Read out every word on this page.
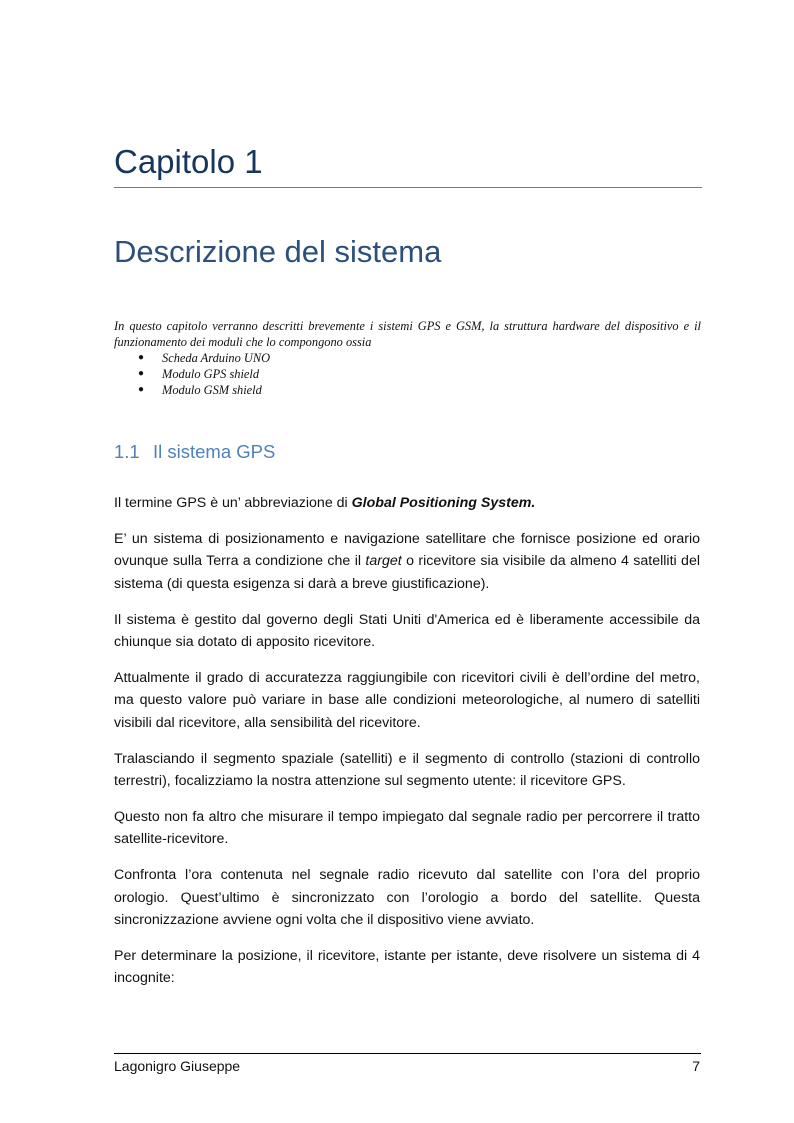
Capitolo 1
Descrizione del sistema

In questo capitolo verranno descritti brevemente i sistemi GPS e GSM, la struttura hardware del dispositivo e il funzionamento dei moduli che lo compongono ossia

● Scheda Arduino UNO
● Modulo GPS shield
● Modulo GSM shield
1.1 Il sistema GPS

Il termine GPS è un’ abbreviazione di Global Positioning System.

E’ un sistema di posizionamento e navigazione satellitare che fornisce posizione ed orario ovunque sulla Terra a condizione che il target o ricevitore sia visibile da almeno 4 satelliti del sistema (di questa esigenza si darà a breve giustificazione).

Il sistema è gestito dal governo degli Stati Uniti d'America ed è liberamente accessibile da chiunque sia dotato di apposito ricevitore.

Attualmente il grado di accuratezza raggiungibile con ricevitori civili è dell’ordine del metro, ma questo valore può variare in base alle condizioni meteorologiche, al numero di satelliti visibili dal ricevitore, alla sensibilità del ricevitore.

Tralasciando il segmento spaziale (satelliti) e il segmento di controllo (stazioni di controllo terrestri), focalizziamo la nostra attenzione sul segmento utente: il ricevitore GPS.

Questo non fa altro che misurare il tempo impiegato dal segnale radio per percorrere il tratto satellite-ricevitore.

Confronta l’ora contenuta nel segnale radio ricevuto dal satellite con l’ora del proprio orologio. Quest’ultimo è sincronizzato con l’orologio a bordo del satellite. Questa sincronizzazione avviene ogni volta che il dispositivo viene avviato.

Per determinare la posizione, il ricevitore, istante per istante, deve risolvere un sistema di 4 incognite:

Lagonigro Giuseppe	7
